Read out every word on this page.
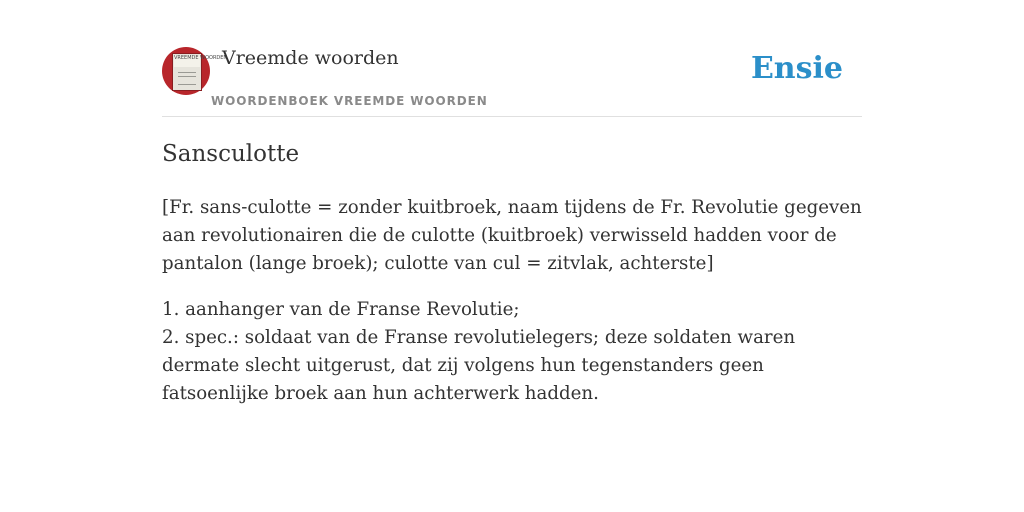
VREEMDE WOORDEN
Vreemde woorden
WOORDENBOEK VREEMDE WOORDEN
Ensie
Sansculotte

[Fr. sans-culotte = zonder kuitbroek, naam tijdens de Fr. Revolutie gegeven aan revolutionairen die de culotte (kuitbroek) verwisseld hadden voor de pantalon (lange broek); culotte van cul = zitvlak, achterste]

1. aanhanger van de Franse Revolutie;
2. spec.: soldaat van de Franse revolutielegers; deze soldaten waren dermate slecht uitgerust, dat zij volgens hun tegenstanders geen fatsoenlijke broek aan hun achterwerk hadden.
